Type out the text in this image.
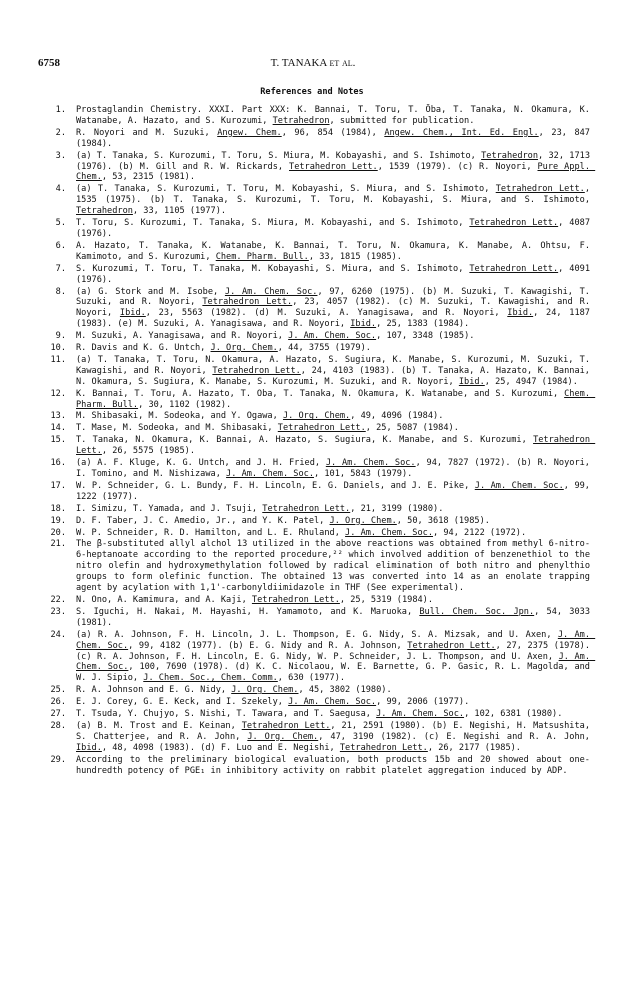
6758	T. TANAKA et al.
References and Notes
1. Prostaglandin Chemistry. XXXI. Part XXX: K. Bannai, T. Toru, T. Ōba, T. Tanaka, N. Okamura, K. Watanabe, A. Hazato, and S. Kurozumi, Tetrahedron, submitted for publication.
2. R. Noyori and M. Suzuki, Angew. Chem., 96, 854 (1984), Angew. Chem., Int. Ed. Engl., 23, 847 (1984).
3. (a) T. Tanaka, S. Kurozumi, T. Toru, S. Miura, M. Kobayashi, and S. Ishimoto, Tetrahedron, 32, 1713 (1976). (b) M. Gill and R. W. Rickards, Tetrahedron Lett., 1539 (1979). (c) R. Noyori, Pure Appl. Chem., 53, 2315 (1981).
4. (a) T. Tanaka, S. Kurozumi, T. Toru, M. Kobayashi, S. Miura, and S. Ishimoto, Tetrahedron Lett., 1535 (1975). (b) T. Tanaka, S. Kurozumi, T. Toru, M. Kobayashi, S. Miura, and S. Ishimoto, Tetrahedron, 33, 1105 (1977).
5. T. Toru, S. Kurozumi, T. Tanaka, S. Miura, M. Kobayashi, and S. Ishimoto, Tetrahedron Lett., 4087 (1976).
6. A. Hazato, T. Tanaka, K. Watanabe, K. Bannai, T. Toru, N. Okamura, K. Manabe, A. Ohtsu, F. Kamimoto, and S. Kurozumi, Chem. Pharm. Bull., 33, 1815 (1985).
7. S. Kurozumi, T. Toru, T. Tanaka, M. Kobayashi, S. Miura, and S. Ishimoto, Tetrahedron Lett., 4091 (1976).
8. (a) G. Stork and M. Isobe, J. Am. Chem. Soc., 97, 6260 (1975). (b) M. Suzuki, T. Kawagishi, T. Suzuki, and R. Noyori, Tetrahedron Lett., 23, 4057 (1982). (c) M. Suzuki, T. Kawagishi, and R. Noyori, Ibid., 23, 5563 (1982). (d) M. Suzuki, A. Yanagisawa, and R. Noyori, Ibid., 24, 1187 (1983). (e) M. Suzuki, A. Yanagisawa, and R. Noyori, Ibid., 25, 1383 (1984).
9. M. Suzuki, A. Yanagisawa, and R. Noyori, J. Am. Chem. Soc., 107, 3348 (1985).
10. R. Davis and K. G. Untch, J. Org. Chem., 44, 3755 (1979).
11. (a) T. Tanaka, T. Toru, N. Okamura, A. Hazato, S. Sugiura, K. Manabe, S. Kurozumi, M. Suzuki, T. Kawagishi, and R. Noyori, Tetrahedron Lett., 24, 4103 (1983). (b) T. Tanaka, A. Hazato, K. Bannai, N. Okamura, S. Sugiura, K. Manabe, S. Kurozumi, M. Suzuki, and R. Noyori, Ibid., 25, 4947 (1984).
12. K. Bannai, T. Toru, A. Hazato, T. Oba, T. Tanaka, N. Okamura, K. Watanabe, and S. Kurozumi, Chem. Pharm. Bull., 30, 1102 (1982).
13. M. Shibasaki, M. Sodeoka, and Y. Ogawa, J. Org. Chem., 49, 4096 (1984).
14. T. Mase, M. Sodeoka, and M. Shibasaki, Tetrahedron Lett., 25, 5087 (1984).
15. T. Tanaka, N. Okamura, K. Bannai, A. Hazato, S. Sugiura, K. Manabe, and S. Kurozumi, Tetrahedron Lett., 26, 5575 (1985).
16. (a) A. F. Kluge, K. G. Untch, and J. H. Fried, J. Am. Chem. Soc., 94, 7827 (1972). (b) R. Noyori, I. Tomino, and M. Nishizawa, J. Am. Chem. Soc., 101, 5843 (1979).
17. W. P. Schneider, G. L. Bundy, F. H. Lincoln, E. G. Daniels, and J. E. Pike, J. Am. Chem. Soc., 99, 1222 (1977).
18. I. Simizu, T. Yamada, and J. Tsuji, Tetrahedron Lett., 21, 3199 (1980).
19. D. F. Taber, J. C. Amedio, Jr., and Y. K. Patel, J. Org. Chem., 50, 3618 (1985).
20. W. P. Schneider, R. D. Hamilton, and L. E. Rhuland, J. Am. Chem. Soc., 94, 2122 (1972).
21. The β-substituted allyl alchol 13 utilized in the above reactions was obtained from methyl 6-nitro-6-heptanoate according to the reported procedure,²² which involved addition of benzenethiol to the nitro olefin and hydroxymethylation followed by radical elimination of both nitro and phenylthio groups to form olefinic function. The obtained 13 was converted into 14 as an enolate trapping agent by acylation with 1,1'-carbonyldiimidazole in THF (See experimental).
22. N. Ono, A. Kamimura, and A. Kaji, Tetrahedron Lett., 25, 5319 (1984).
23. S. Iguchi, H. Nakai, M. Hayashi, H. Yamamoto, and K. Maruoka, Bull. Chem. Soc. Jpn., 54, 3033 (1981).
24. (a) R. A. Johnson, F. H. Lincoln, J. L. Thompson, E. G. Nidy, S. A. Mizsak, and U. Axen, J. Am. Chem. Soc., 99, 4182 (1977). (b) E. G. Nidy and R. A. Johnson, Tetrahedron Lett., 27, 2375 (1978). (c) R. A. Johnson, F. H. Lincoln, E. G. Nidy, W. P. Schneider, J. L. Thompson, and U. Axen, J. Am. Chem. Soc., 100, 7690 (1978). (d) K. C. Nicolaou, W. E. Barnette, G. P. Gasic, R. L. Magolda, and W. J. Sipio, J. Chem. Soc., Chem. Comm., 630 (1977).
25. R. A. Johnson and E. G. Nidy, J. Org. Chem., 45, 3802 (1980).
26. E. J. Corey, G. E. Keck, and I. Szekely, J. Am. Chem. Soc., 99, 2006 (1977).
27. T. Tsuda, Y. Chujyo, S. Nishi, T. Tawara, and T. Saegusa, J. Am. Chem. Soc., 102, 6381 (1980).
28. (a) B. M. Trost and E. Keinan, Tetrahedron Lett., 21, 2591 (1980). (b) E. Negishi, H. Matsushita, S. Chatterjee, and R. A. John, J. Org. Chem., 47, 3190 (1982). (c) E. Negishi and R. A. John, Ibid., 48, 4098 (1983). (d) F. Luo and E. Negishi, Tetrahedron Lett., 26, 2177 (1985).
29. According to the preliminary biological evaluation, both products 15b and 20 showed about one-hundredth potency of PGE₁ in inhibitory activity on rabbit platelet aggregation induced by ADP.
